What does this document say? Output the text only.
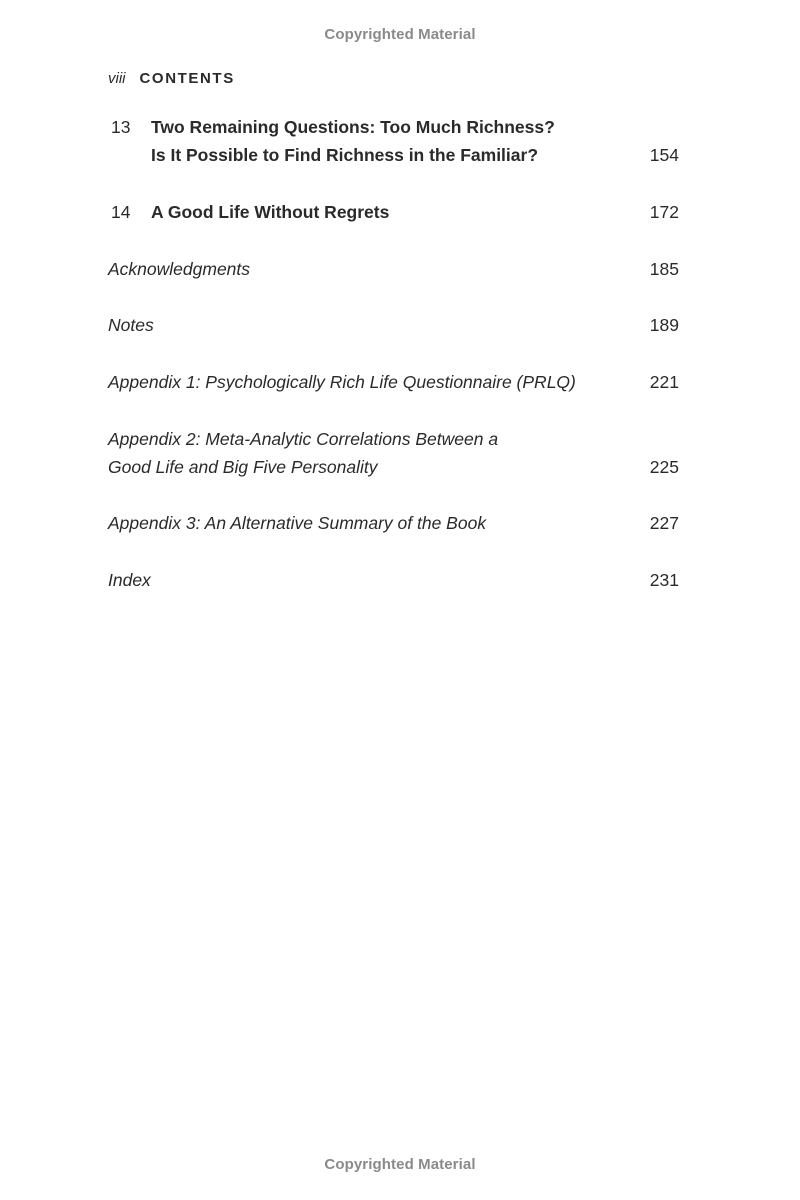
Copyrighted Material
viii CONTENTS
13 Two Remaining Questions: Too Much Richness?
Is It Possible to Find Richness in the Familiar?	154
14 A Good Life Without Regrets	172
Acknowledgments	185
Notes	189
Appendix 1: Psychologically Rich Life Questionnaire (PRLQ)	221
Appendix 2: Meta-Analytic Correlations Between a
Good Life and Big Five Personality	225
Appendix 3: An Alternative Summary of the Book	227
Index	231
Copyrighted Material
